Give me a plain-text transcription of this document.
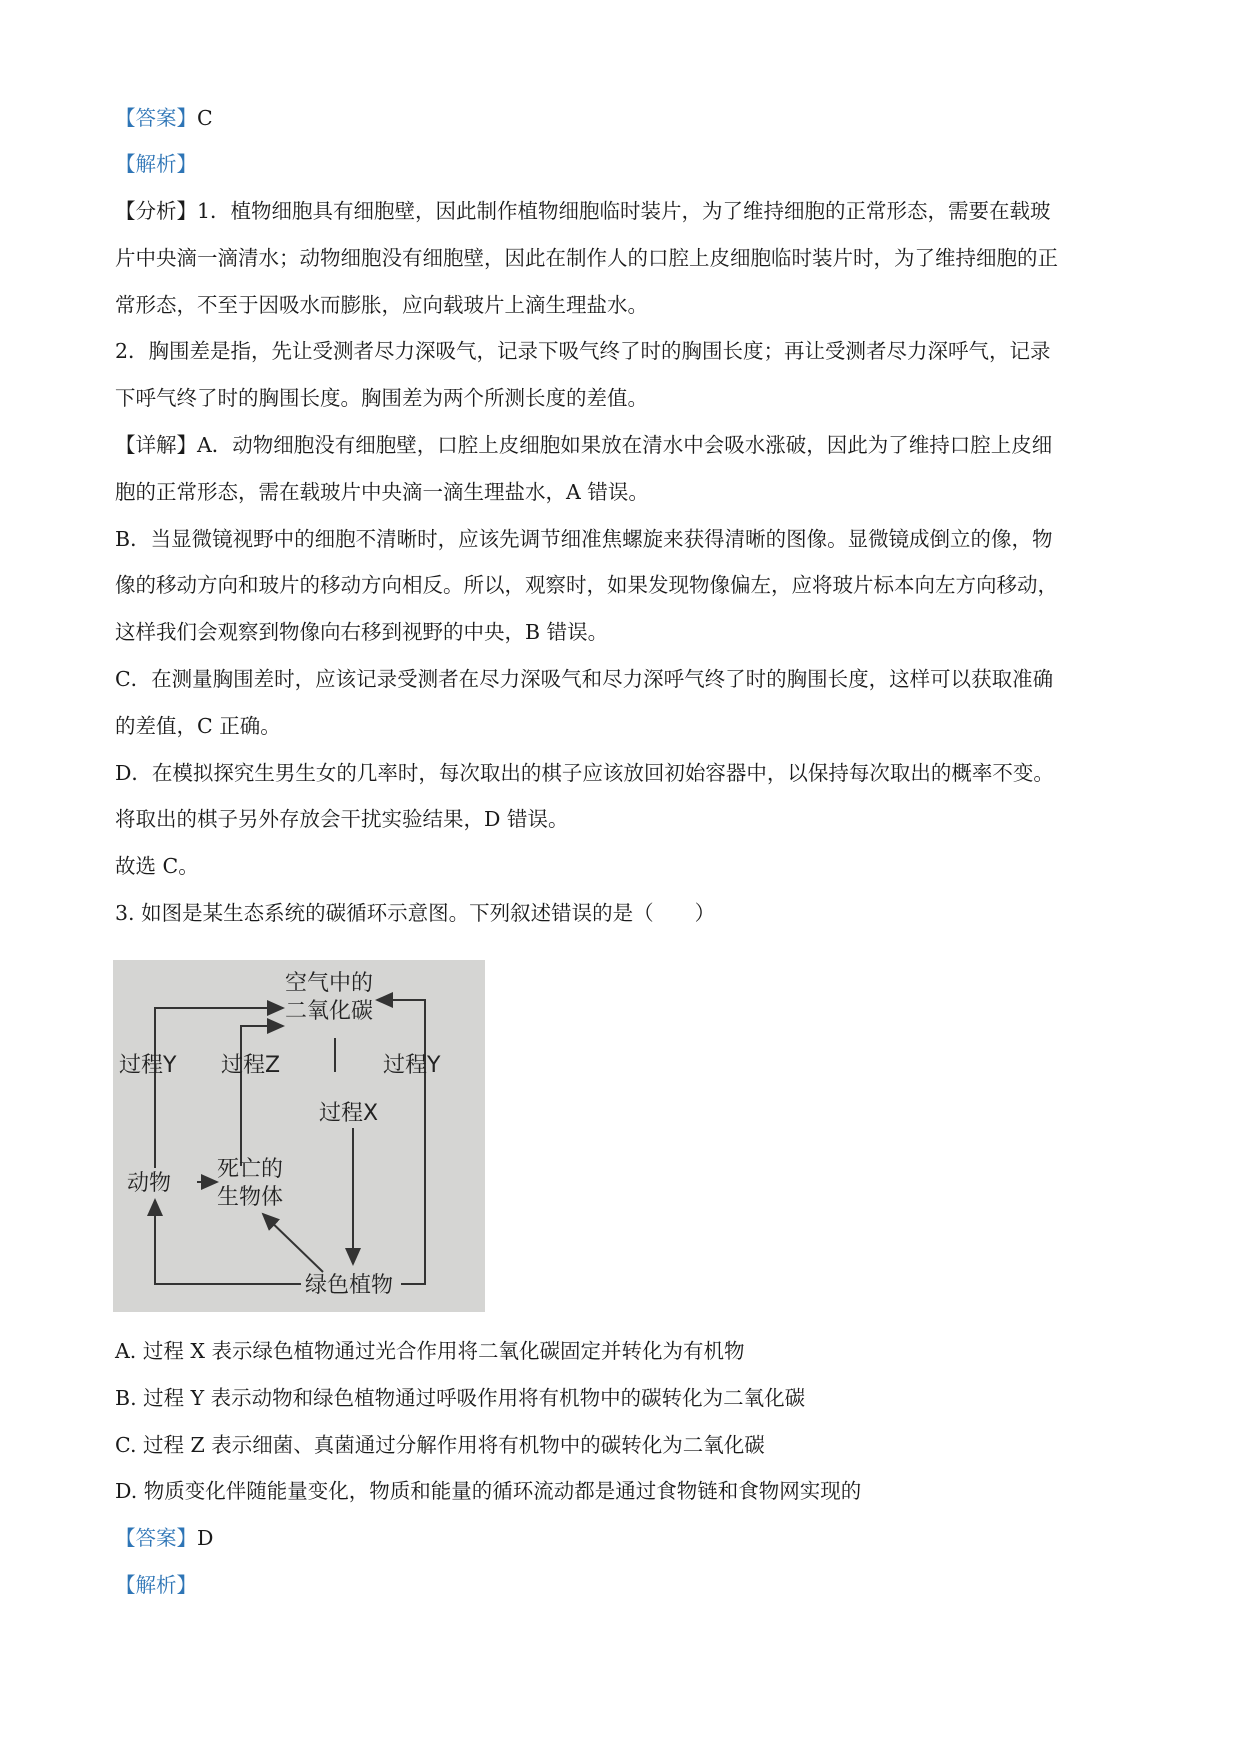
【答案】C
【解析】
【分析】1．植物细胞具有细胞壁，因此制作植物细胞临时装片，为了维持细胞的正常形态，需要在载玻
片中央滴一滴清水；动物细胞没有细胞壁，因此在制作人的口腔上皮细胞临时装片时，为了维持细胞的正
常形态，不至于因吸水而膨胀，应向载玻片上滴生理盐水。
2．胸围差是指，先让受测者尽力深吸气，记录下吸气终了时的胸围长度；再让受测者尽力深呼气，记录
下呼气终了时的胸围长度。胸围差为两个所测长度的差值。
【详解】A．动物细胞没有细胞壁，口腔上皮细胞如果放在清水中会吸水涨破，因此为了维持口腔上皮细
胞的正常形态，需在载玻片中央滴一滴生理盐水，A 错误。
B．当显微镜视野中的细胞不清晰时，应该先调节细准焦螺旋来获得清晰的图像。显微镜成倒立的像，物
像的移动方向和玻片的移动方向相反。所以，观察时，如果发现物像偏左，应将玻片标本向左方向移动，
这样我们会观察到物像向右移到视野的中央，B 错误。
C．在测量胸围差时，应该记录受测者在尽力深吸气和尽力深呼气终了时的胸围长度，这样可以获取准确
的差值，C 正确。
D．在模拟探究生男生女的几率时，每次取出的棋子应该放回初始容器中，以保持每次取出的概率不变。
将取出的棋子另外存放会干扰实验结果，D 错误。
故选 C。
3. 如图是某生态系统的碳循环示意图。下列叙述错误的是（　　）
空气中的
二氧化碳
过程Y 过程Z	过程Y
过程X
动物
死亡的
生物体
绿色植物
A. 过程 X 表示绿色植物通过光合作用将二氧化碳固定并转化为有机物
B. 过程 Y 表示动物和绿色植物通过呼吸作用将有机物中的碳转化为二氧化碳
C. 过程 Z 表示细菌、真菌通过分解作用将有机物中的碳转化为二氧化碳
D. 物质变化伴随能量变化，物质和能量的循环流动都是通过食物链和食物网实现的
【答案】D
【解析】
